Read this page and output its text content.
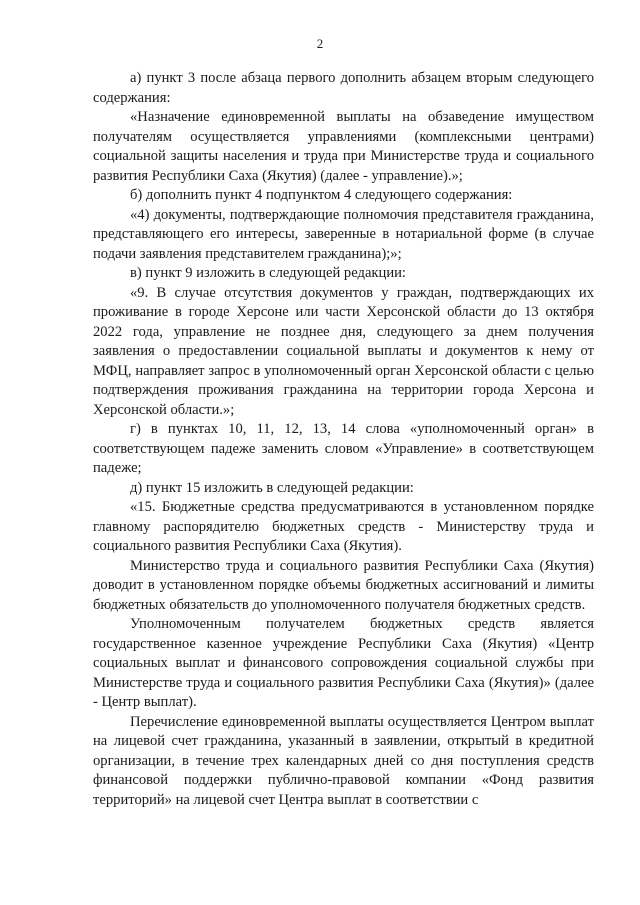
2

а) пункт 3 после абзаца первого дополнить абзацем вторым следующего содержания:

«Назначение единовременной выплаты на обзаведение имуществом получателям осуществляется управлениями (комплексными центрами) социальной защиты населения и труда при Министерстве труда и социального развития Республики Саха (Якутия) (далее - управление).»;

б) дополнить пункт 4 подпунктом 4 следующего содержания:

«4) документы, подтверждающие полномочия представителя гражданина, представляющего его интересы, заверенные в нотариальной форме (в случае подачи заявления представителем гражданина);»;

в) пункт 9 изложить в следующей редакции:

«9. В случае отсутствия документов у граждан, подтверждающих их проживание в городе Херсоне или части Херсонской области до 13 октября 2022 года, управление не позднее дня, следующего за днем получения заявления о предоставлении социальной выплаты и документов к нему от МФЦ, направляет запрос в уполномоченный орган Херсонской области с целью подтверждения проживания гражданина на территории города Херсона и Херсонской области.»;

г) в пунктах 10, 11, 12, 13, 14 слова «уполномоченный орган» в соответствующем падеже заменить словом «Управление» в соответствующем падеже;

д) пункт 15 изложить в следующей редакции:

«15. Бюджетные средства предусматриваются в установленном порядке главному распорядителю бюджетных средств - Министерству труда и социального развития Республики Саха (Якутия).

Министерство труда и социального развития Республики Саха (Якутия) доводит в установленном порядке объемы бюджетных ассигнований и лимиты бюджетных обязательств до уполномоченного получателя бюджетных средств.

Уполномоченным получателем бюджетных средств является государственное казенное учреждение Республики Саха (Якутия) «Центр социальных выплат и финансового сопровождения социальной службы при Министерстве труда и социального развития Республики Саха (Якутия)» (далее - Центр выплат).

Перечисление единовременной выплаты осуществляется Центром выплат на лицевой счет гражданина, указанный в заявлении, открытый в кредитной организации, в течение трех календарных дней со дня поступления средств финансовой поддержки публично-правовой компании «Фонд развития территорий» на лицевой счет Центра выплат в соответствии с
